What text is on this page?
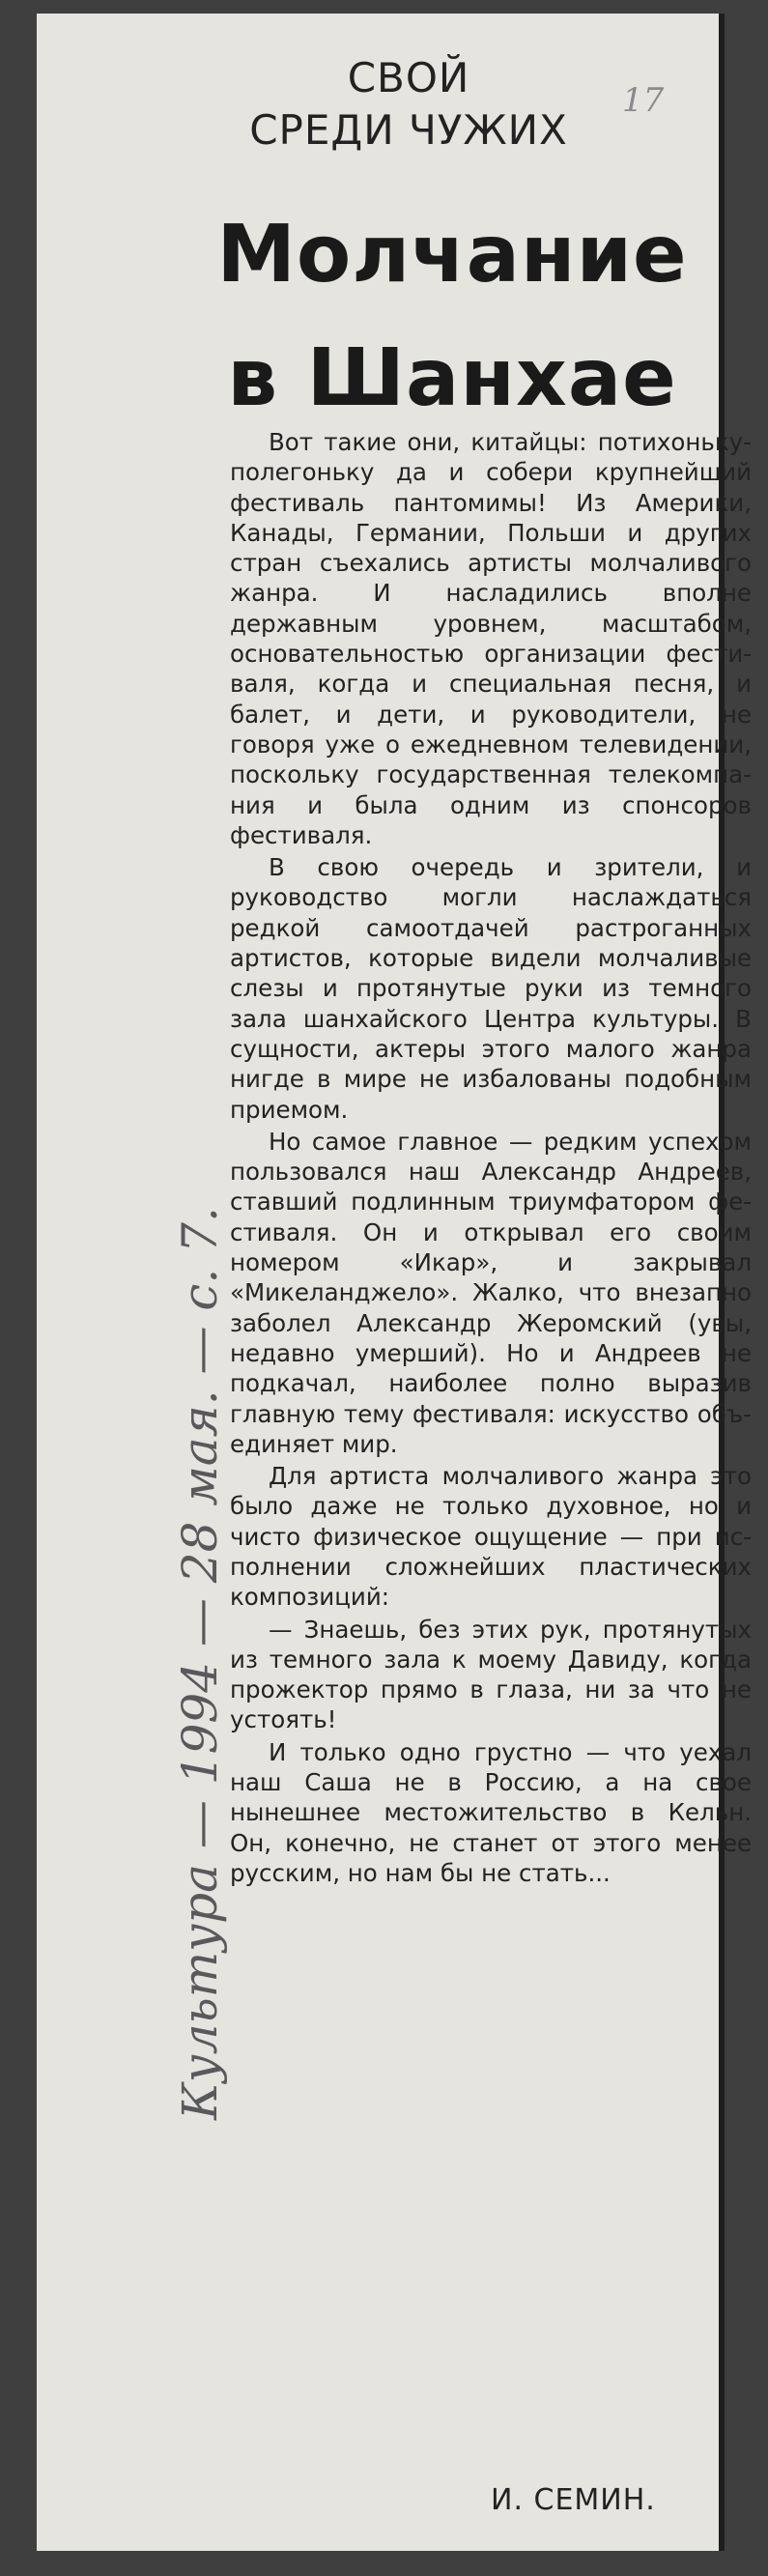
СВОЙ
СРЕДИ ЧУЖИХ
17
Молчание
в Шанхае
Культура — 1994 — 28 мая. — с. 7.

Вот такие они, китайцы: потихоньку-полегоньку да и собери крупнейший фестиваль пантомимы! Из Америки, Канады, Германии, Польши и других стран съехались артисты молчаливого жанра. И насладились вполне державным уровнем, масштабом, основательностью организации фестиваля, когда и специальная песня, и балет, и дети, и руководители, не говоря уже о ежедневном телевидении, поскольку государственная телекомпания и была одним из спонсоров фестиваля.

В свою очередь и зрители, и руководство могли наслаждаться редкой самоотдачей растроганных артистов, которые видели молчаливые слезы и протянутые руки из темного зала шанхайского Центра культуры. В сущности, актеры этого малого жанра нигде в мире не избалованы подобным приемом.

Но самое главное — редким успехом пользовался наш Александр Андреев, ставший подлинным триумфатором фестиваля. Он и открывал его своим номером «Икар», и закрывал «Микеланджело». Жалко, что внезапно заболел Александр Жеромский (увы, недавно умерший). Но и Андреев не подкачал, наиболее полно выразив главную тему фестиваля: искусство объединяет мир.

Для артиста молчаливого жанра это было даже не только духовное, но и чисто физическое ощущение — при исполнении сложнейших пластических композиций:

— Знаешь, без этих рук, протянутых из темного зала к моему Давиду, когда прожектор прямо в глаза, ни за что не устоять!

И только одно грустно — что уехал наш Саша не в Россию, а на свое нынешнее местожительство в Кельн. Он, конечно, не станет от этого менее русским, но нам бы не стать...

И. СЕМИН.
